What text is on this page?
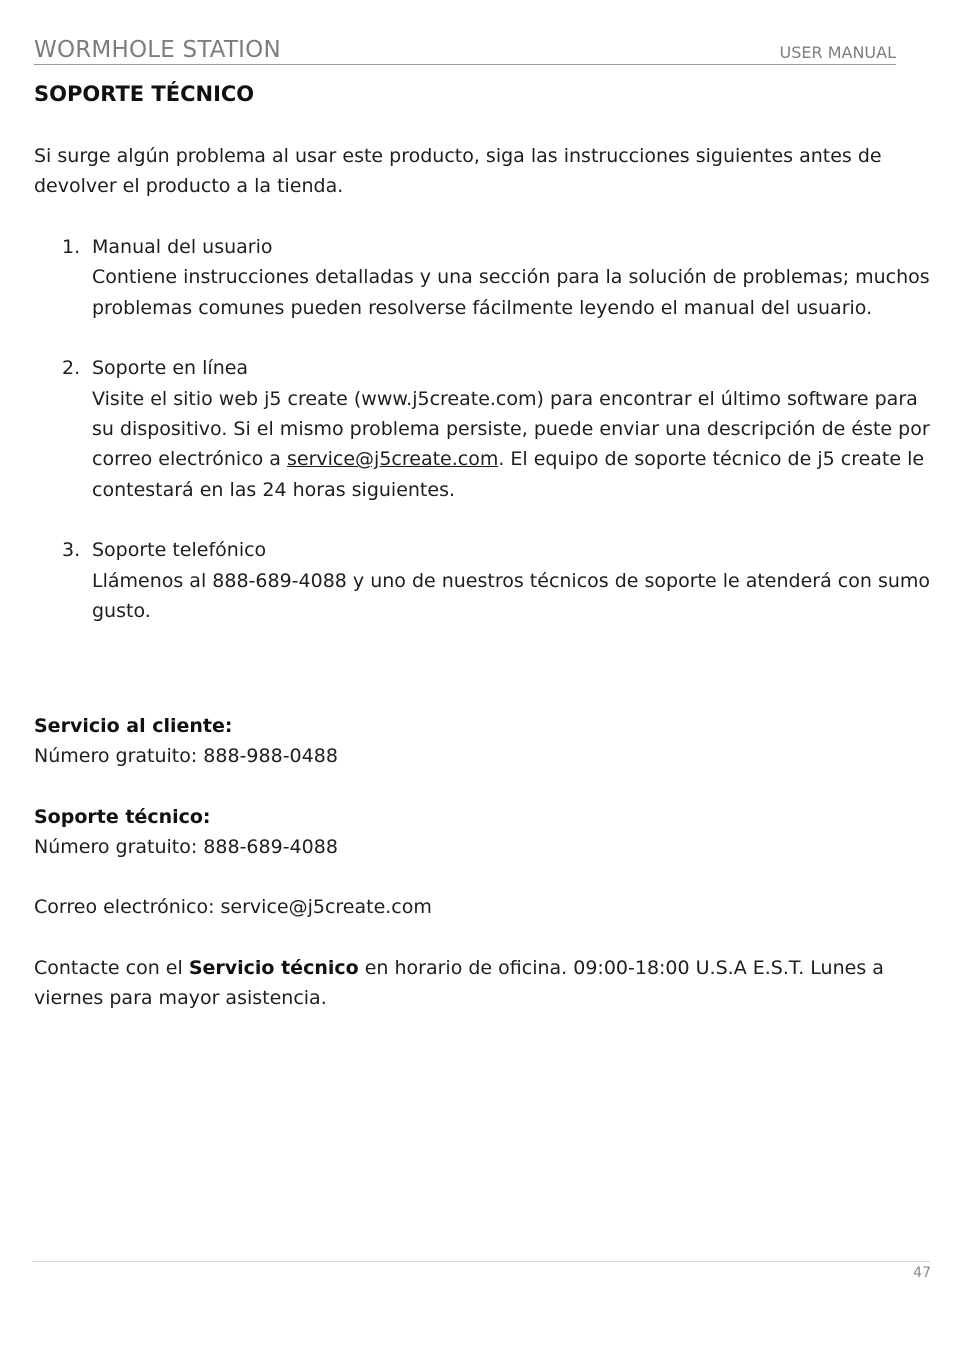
WORMHOLE STATION	USER MANUAL
SOPORTE TÉCNICO

Si surge algún problema al usar este producto, siga las instrucciones siguientes antes de devolver el producto a la tienda.

1. Manual del usuario
Contiene instrucciones detalladas y una sección para la solución de problemas; muchos problemas comunes pueden resolverse fácilmente leyendo el manual del usuario.
2. Soporte en línea
Visite el sitio web j5 create (www.j5create.com) para encontrar el último software para su dispositivo. Si el mismo problema persiste, puede enviar una descripción de éste por correo electrónico a service@j5create.com. El equipo de soporte técnico de j5 create le contestará en las 24 horas siguientes.
3. Soporte telefónico
Llámenos al 888-689-4088 y uno de nuestros técnicos de soporte le atenderá con sumo gusto.
Servicio al cliente:
Número gratuito: 888-988-0488
Soporte técnico:
Número gratuito: 888-689-4088

Correo electrónico: service@j5create.com

Contacte con el Servicio técnico en horario de oficina. 09:00-18:00 U.S.A E.S.T. Lunes a viernes para mayor asistencia.

47
